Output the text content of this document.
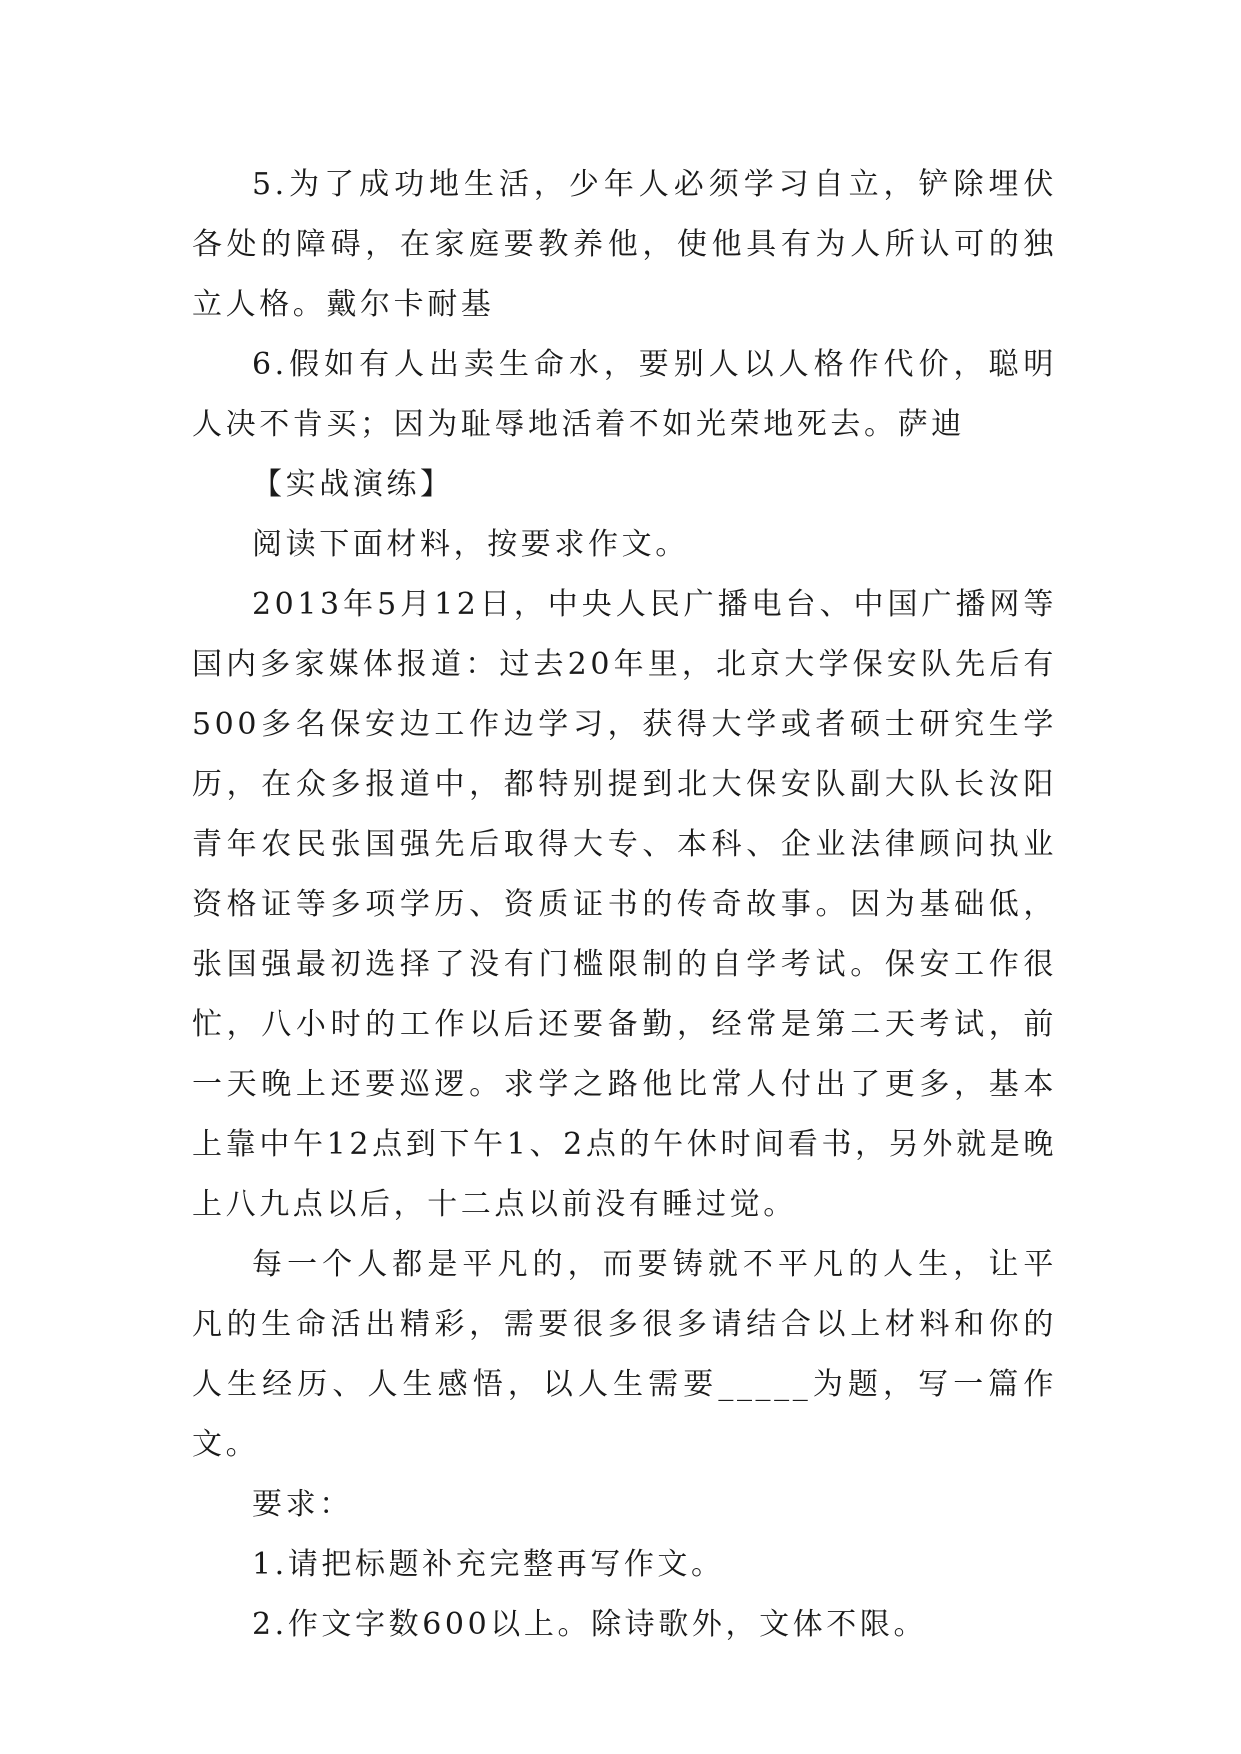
5.为了成功地生活，少年人必须学习自立，铲除埋伏各处的障碍，在家庭要教养他，使他具有为人所认可的独立人格。戴尔卡耐基

6.假如有人出卖生命水，要别人以人格作代价，聪明人决不肯买；因为耻辱地活着不如光荣地死去。萨迪

【实战演练】

阅读下面材料，按要求作文。

2013年5月12日，中央人民广播电台、中国广播网等国内多家媒体报道：过去20年里，北京大学保安队先后有500多名保安边工作边学习，获得大学或者硕士研究生学历，在众多报道中，都特别提到北大保安队副大队长汝阳青年农民张国强先后取得大专、本科、企业法律顾问执业资格证等多项学历、资质证书的传奇故事。因为基础低，张国强最初选择了没有门槛限制的自学考试。保安工作很忙，八小时的工作以后还要备勤，经常是第二天考试，前一天晚上还要巡逻。求学之路他比常人付出了更多，基本上靠中午12点到下午1、2点的午休时间看书，另外就是晚上八九点以后，十二点以前没有睡过觉。

每一个人都是平凡的，而要铸就不平凡的人生，让平凡的生命活出精彩，需要很多很多请结合以上材料和你的人生经历、人生感悟，以人生需要_____为题，写一篇作文。

要求：

1.请把标题补充完整再写作文。

2.作文字数600以上。除诗歌外，文体不限。
